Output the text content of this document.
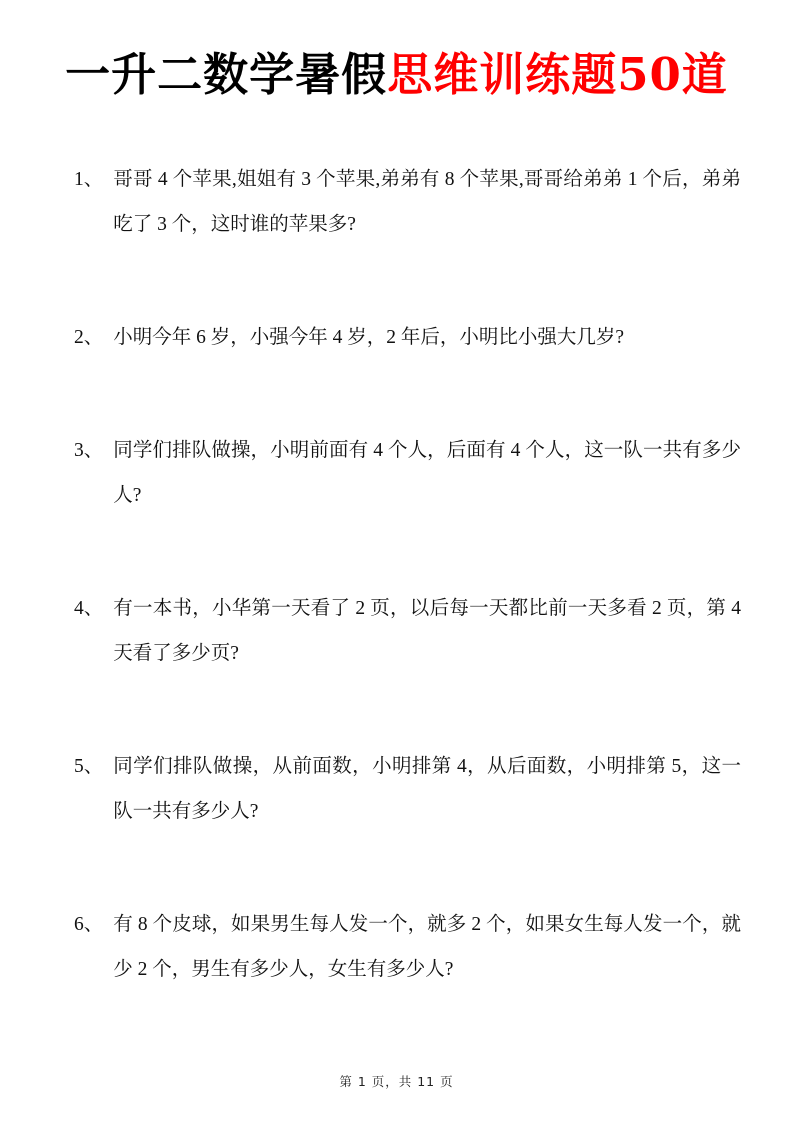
一升二数学暑假思维训练题50道
1、 哥哥 4 个苹果,姐姐有 3 个苹果,弟弟有 8 个苹果,哥哥给弟弟 1 个后，弟弟吃了 3 个，这时谁的苹果多?
2、 小明今年 6 岁，小强今年 4 岁，2 年后，小明比小强大几岁?
3、 同学们排队做操，小明前面有 4 个人，后面有 4 个人，这一队一共有多少人?
4、 有一本书，小华第一天看了 2 页，以后每一天都比前一天多看 2 页，第 4 天看了多少页?
5、 同学们排队做操，从前面数，小明排第 4，从后面数，小明排第 5，这一队一共有多少人?
6、 有 8 个皮球，如果男生每人发一个，就多 2 个，如果女生每人发一个，就少 2 个，男生有多少人，女生有多少人?
第 1 页，共 11 页
